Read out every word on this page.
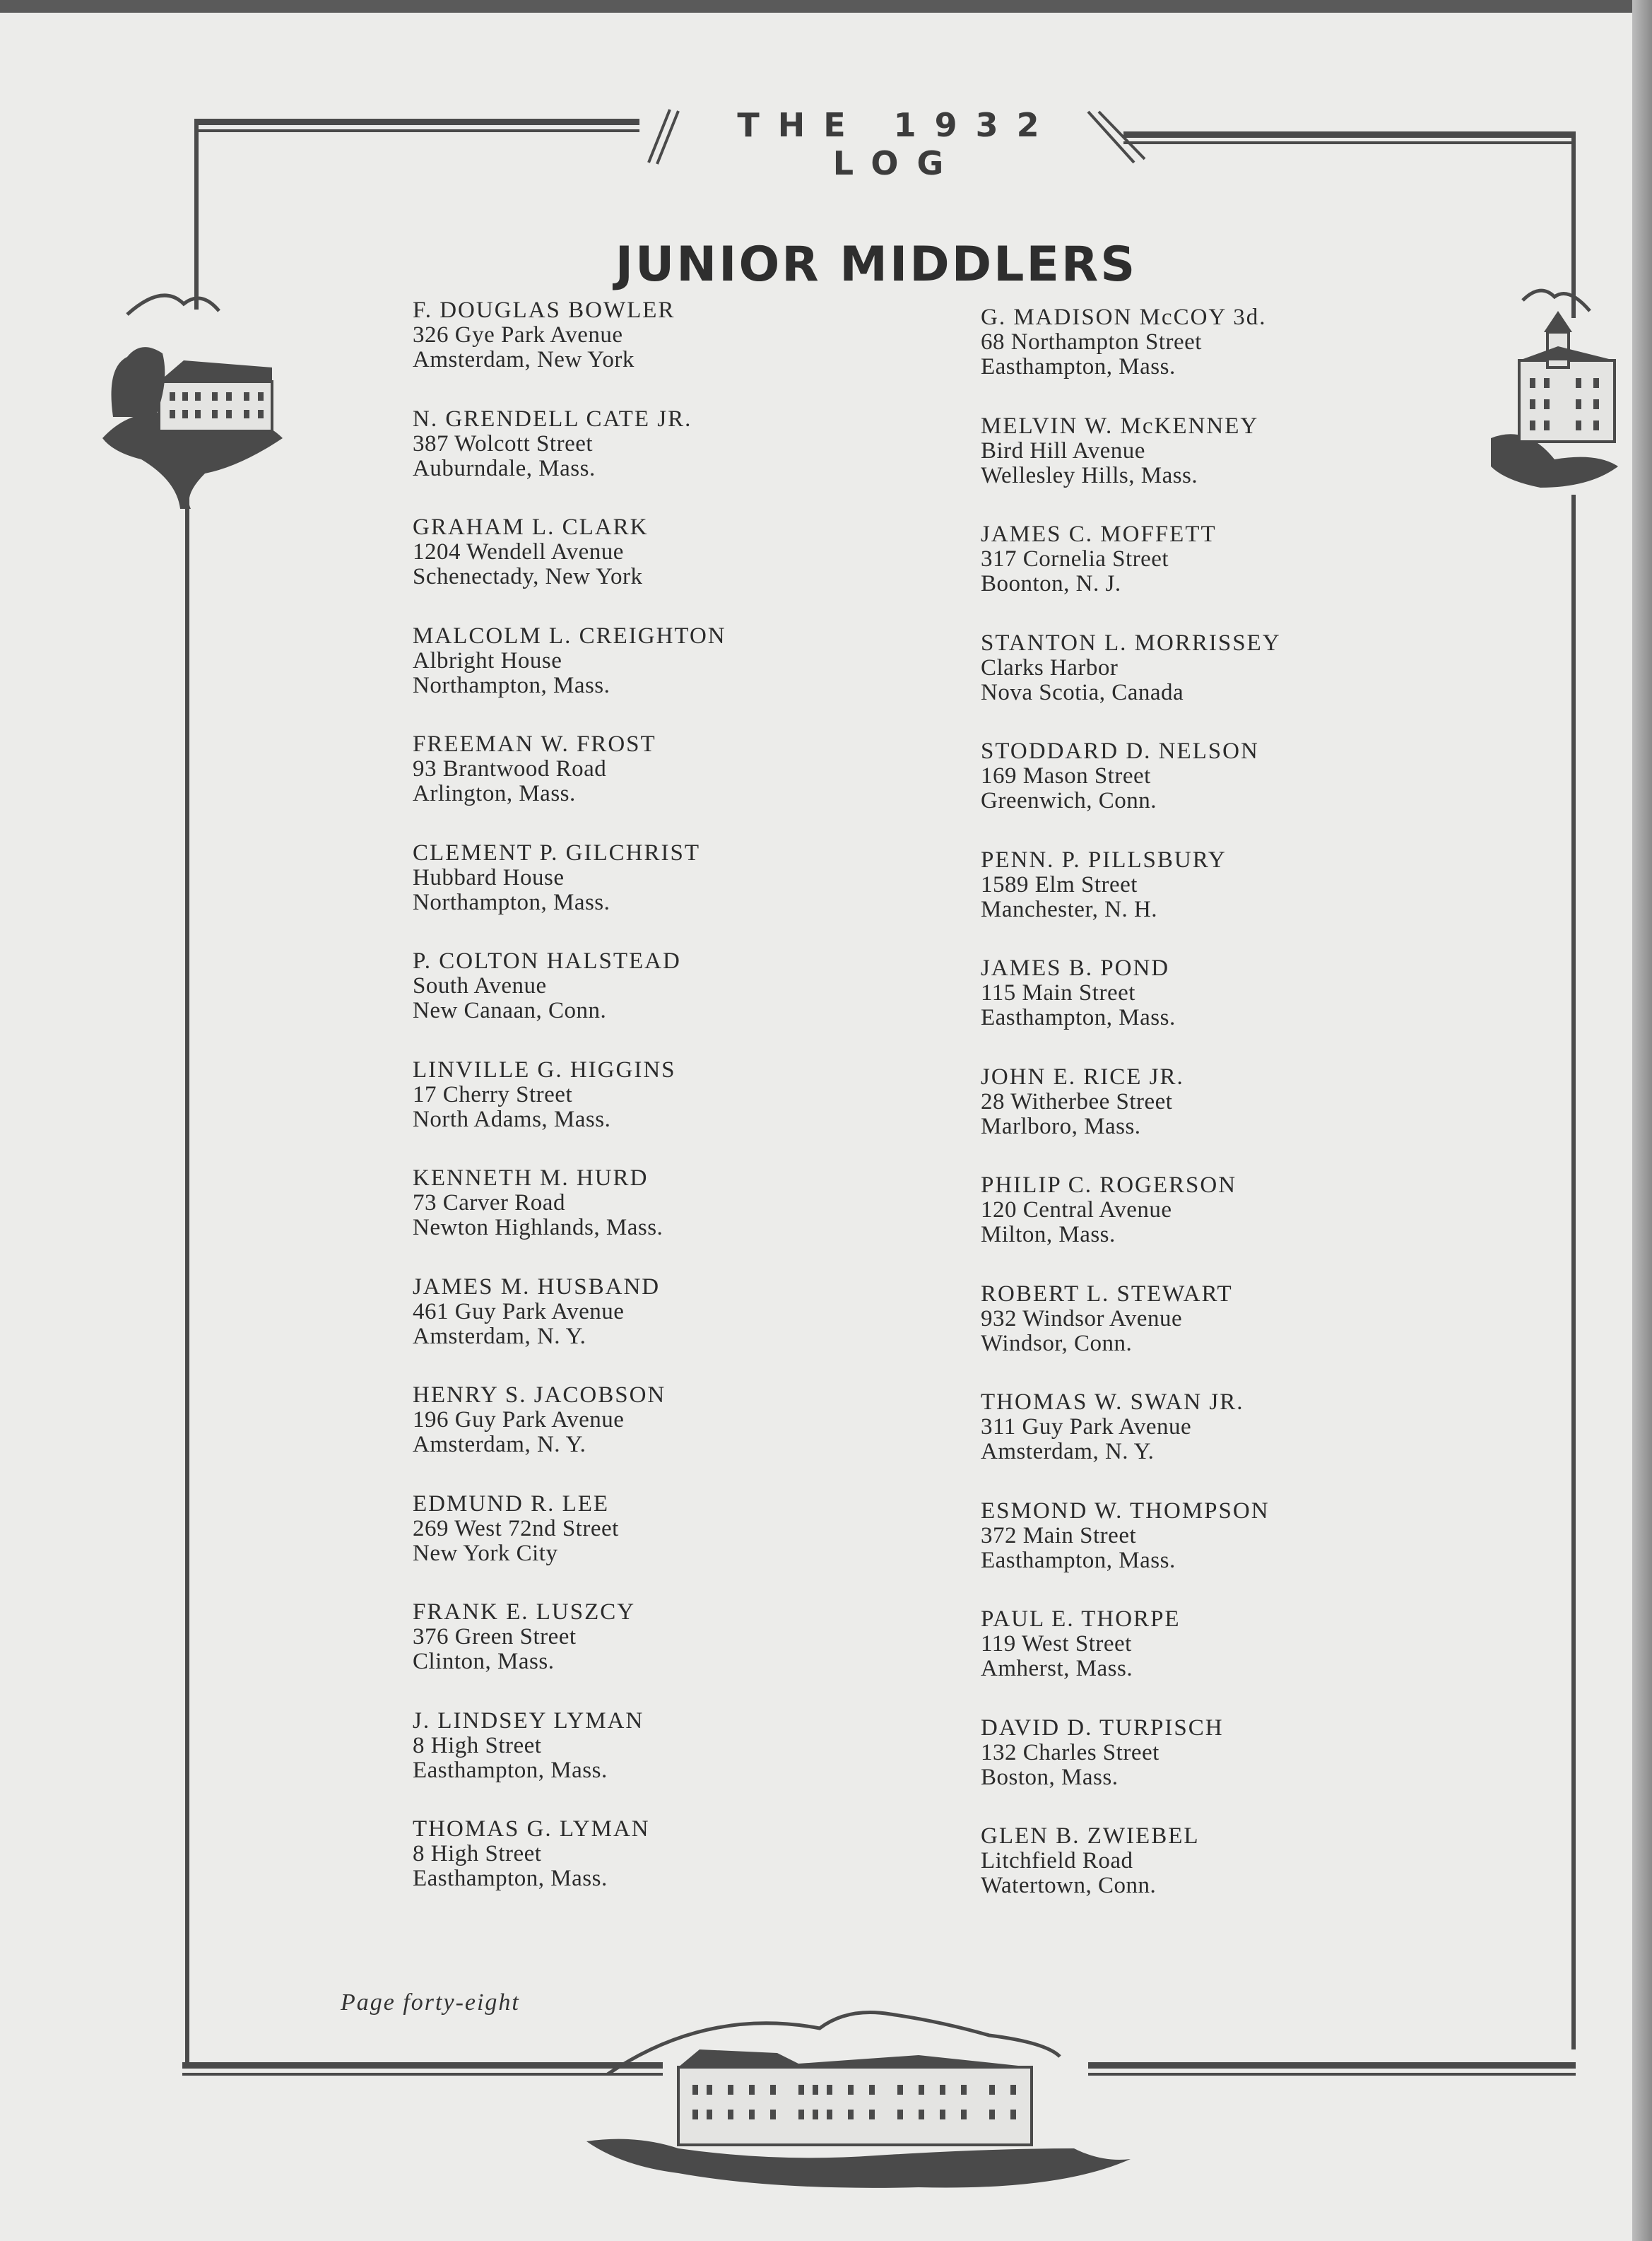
THE 1932 LOG
JUNIOR MIDDLERS
F. DOUGLAS BOWLER
326 Gye Park Avenue
Amsterdam, New York
N. GRENDELL CATE JR.
387 Wolcott Street
Auburndale, Mass.
GRAHAM L. CLARK
1204 Wendell Avenue
Schenectady, New York
MALCOLM L. CREIGHTON
Albright House
Northampton, Mass.
FREEMAN W. FROST
93 Brantwood Road
Arlington, Mass.
CLEMENT P. GILCHRIST
Hubbard House
Northampton, Mass.
P. COLTON HALSTEAD
South Avenue
New Canaan, Conn.
LINVILLE G. HIGGINS
17 Cherry Street
North Adams, Mass.
KENNETH M. HURD
73 Carver Road
Newton Highlands, Mass.
JAMES M. HUSBAND
461 Guy Park Avenue
Amsterdam, N. Y.
HENRY S. JACOBSON
196 Guy Park Avenue
Amsterdam, N. Y.
EDMUND R. LEE
269 West 72nd Street
New York City
FRANK E. LUSZCY
376 Green Street
Clinton, Mass.
J. LINDSEY LYMAN
8 High Street
Easthampton, Mass.
THOMAS G. LYMAN
8 High Street
Easthampton, Mass.
G. MADISON McCOY 3d.
68 Northampton Street
Easthampton, Mass.
MELVIN W. McKENNEY
Bird Hill Avenue
Wellesley Hills, Mass.
JAMES C. MOFFETT
317 Cornelia Street
Boonton, N. J.
STANTON L. MORRISSEY
Clarks Harbor
Nova Scotia, Canada
STODDARD D. NELSON
169 Mason Street
Greenwich, Conn.
PENN. P. PILLSBURY
1589 Elm Street
Manchester, N. H.
JAMES B. POND
115 Main Street
Easthampton, Mass.
JOHN E. RICE JR.
28 Witherbee Street
Marlboro, Mass.
PHILIP C. ROGERSON
120 Central Avenue
Milton, Mass.
ROBERT L. STEWART
932 Windsor Avenue
Windsor, Conn.
THOMAS W. SWAN JR.
311 Guy Park Avenue
Amsterdam, N. Y.
ESMOND W. THOMPSON
372 Main Street
Easthampton, Mass.
PAUL E. THORPE
119 West Street
Amherst, Mass.
DAVID D. TURPISCH
132 Charles Street
Boston, Mass.
GLEN B. ZWIEBEL
Litchfield Road
Watertown, Conn.
Page forty-eight
